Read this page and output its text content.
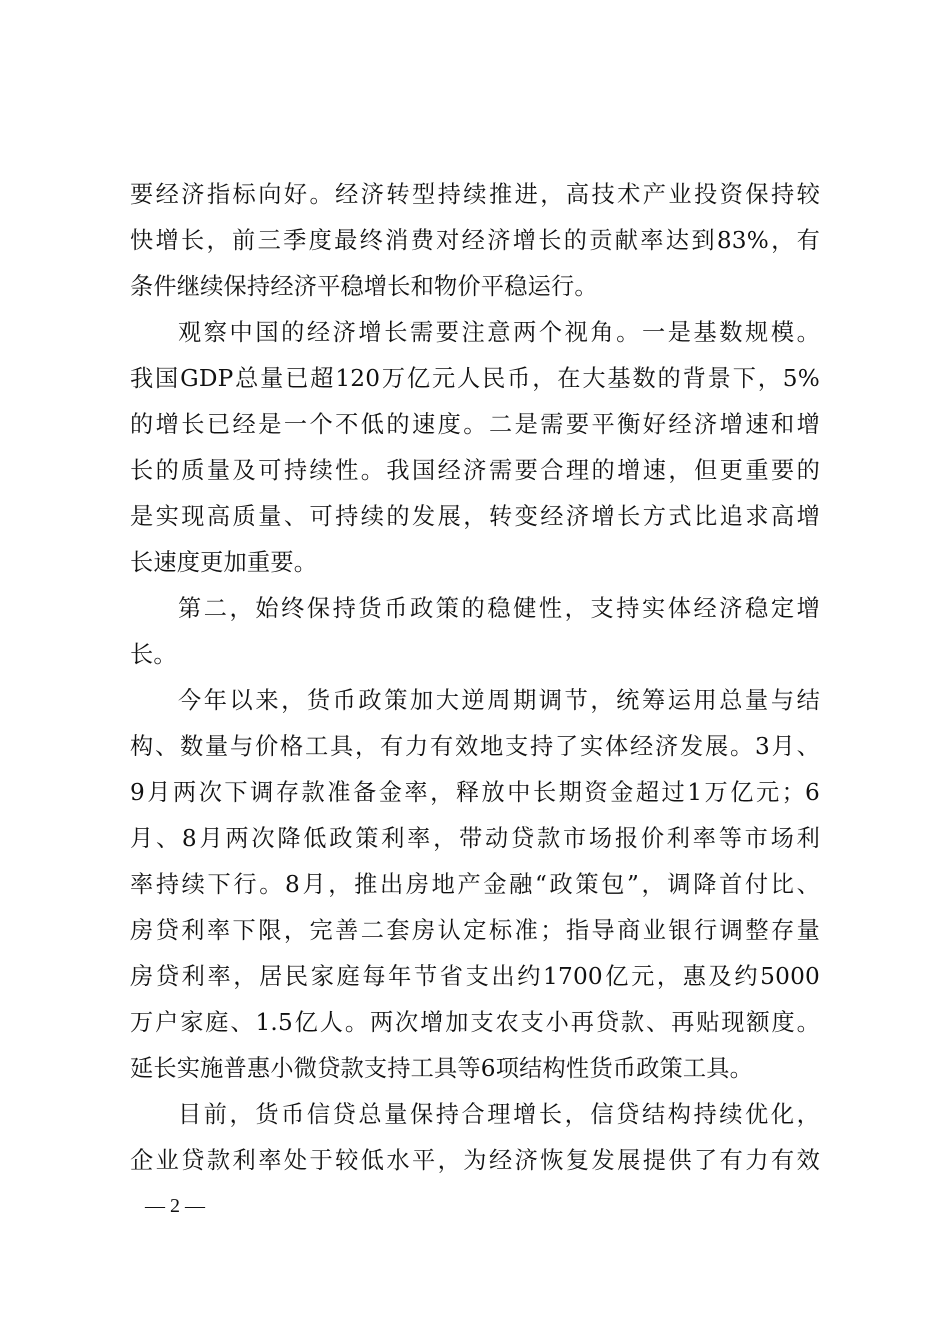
要经济指标向好。经济转型持续推进，高技术产业投资保持较
快增长，前三季度最终消费对经济增长的贡献率达到83%，有
条件继续保持经济平稳增长和物价平稳运行。
观察中国的经济增长需要注意两个视角。一是基数规模。
我国GDP总量已超120万亿元人民币，在大基数的背景下，5%
的增长已经是一个不低的速度。二是需要平衡好经济增速和增
长的质量及可持续性。我国经济需要合理的增速，但更重要的
是实现高质量、可持续的发展，转变经济增长方式比追求高增
长速度更加重要。
第二，始终保持货币政策的稳健性，支持实体经济稳定增
长。
今年以来，货币政策加大逆周期调节，统筹运用总量与结
构、数量与价格工具，有力有效地支持了实体经济发展。3月、
9月两次下调存款准备金率，释放中长期资金超过1万亿元；6
月、8月两次降低政策利率，带动贷款市场报价利率等市场利
率持续下行。8月，推出房地产金融“政策包”，调降首付比、
房贷利率下限，完善二套房认定标准；指导商业银行调整存量
房贷利率，居民家庭每年节省支出约1700亿元，惠及约5000
万户家庭、1.5亿人。两次增加支农支小再贷款、再贴现额度。
延长实施普惠小微贷款支持工具等6项结构性货币政策工具。
目前，货币信贷总量保持合理增长，信贷结构持续优化，
企业贷款利率处于较低水平，为经济恢复发展提供了有力有效
— 2 —
